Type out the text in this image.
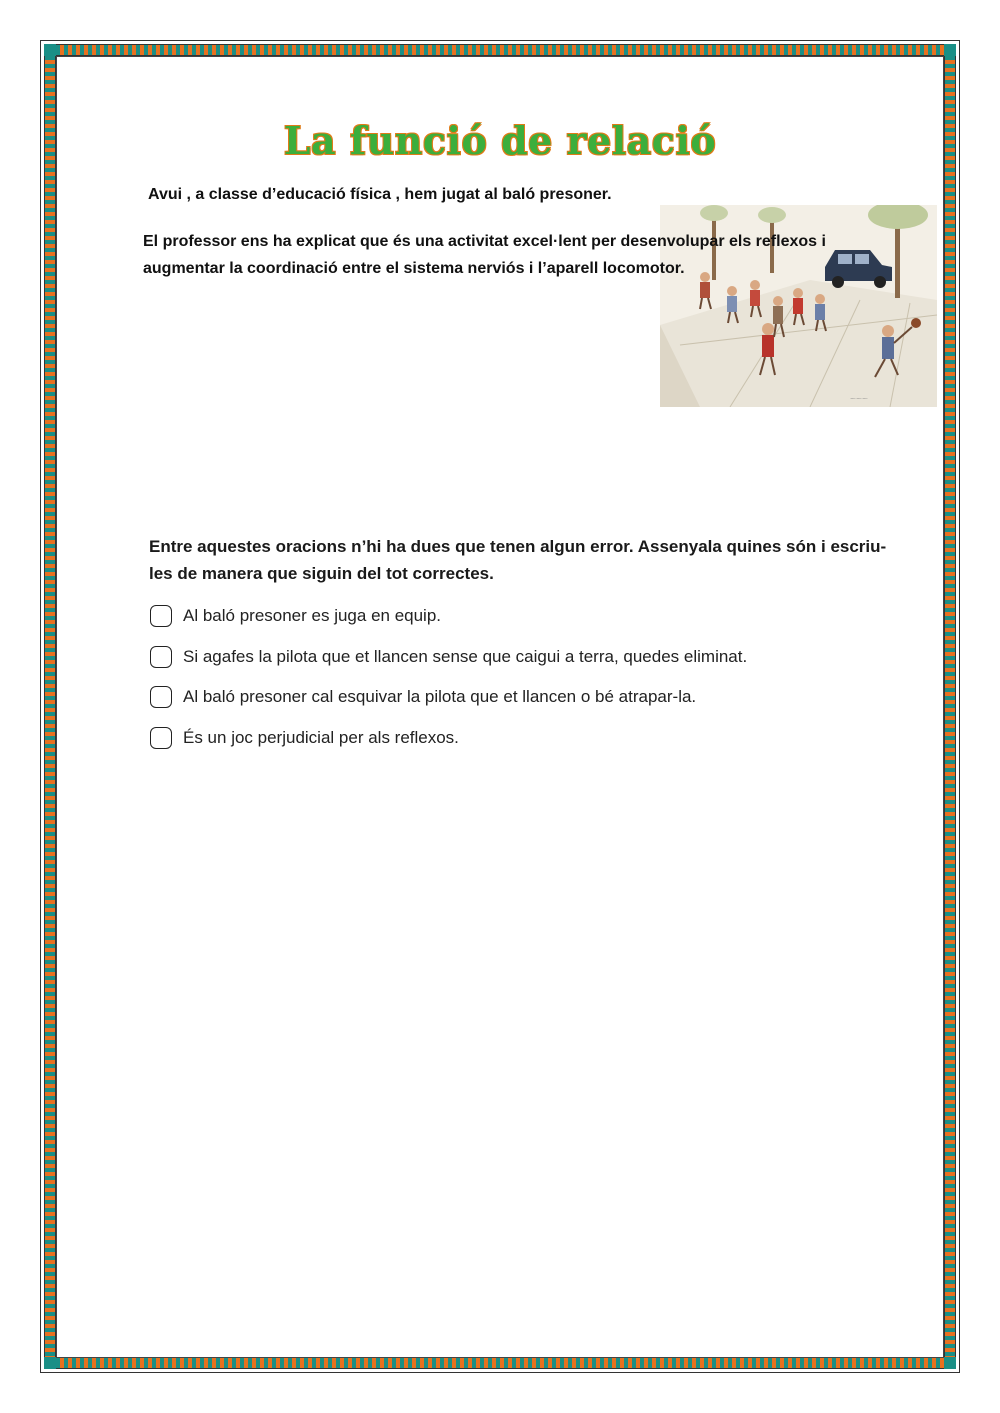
La funció de relació
Avui , a classe d’educació física , hem jugat al baló presoner.
～～～
El professor ens ha explicat que és una activitat excel·lent per desenvolupar els reflexos i augmentar la coordinació entre el sistema nerviós i l’aparell locomotor.
Entre aquestes oracions n’hi ha dues que tenen algun error. Assenyala quines són i escriu-les de manera que siguin del tot correctes.
Al baló presoner es juga en equip.
Si agafes la pilota que et llancen sense que caigui a terra, quedes eliminat.
Al baló presoner cal esquivar la pilota que et llancen o bé atrapar-la.
És un joc perjudicial per als reflexos.
